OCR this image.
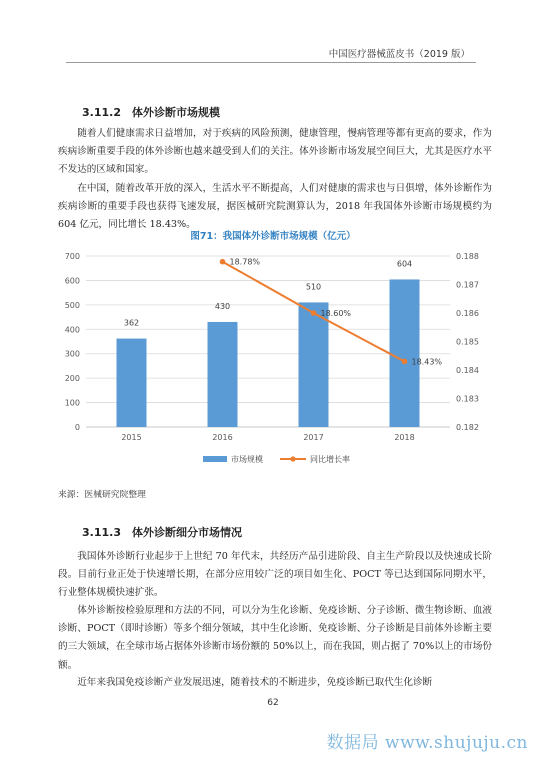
中国医疗器械蓝皮书（2019 版）
3.11.2　体外诊断市场规模

随着人们健康需求日益增加，对于疾病的风险预测，健康管理，慢病管理等都有更高的要求，作为疾病诊断重要手段的体外诊断也越来越受到人们的关注。体外诊断市场发展空间巨大，尤其是医疗水平不发达的区域和国家。

在中国，随着改革开放的深入，生活水平不断提高，人们对健康的需求也与日俱增，体外诊断作为疾病诊断的重要手段也获得飞速发展，据医械研究院测算认为，2018 年我国体外诊断市场规模约为 604 亿元，同比增长 18.43%。

图71：我国体外诊断市场规模（亿元）
0
100
200
300
400
500
600
700
0.182
0.183
0.184
0.185
0.186
0.187
0.188
362
430
510
604
2015	2016	2017	2018
18.78%
18.60%
18.43%
市场规模	同比增长率
来源：医械研究院整理
3.11.3　体外诊断细分市场情况

我国体外诊断行业起步于上世纪 70 年代末，共经历产品引进阶段、自主生产阶段以及快速成长阶段。目前行业正处于快速增长期，在部分应用较广泛的项目如生化、POCT 等已达到国际同期水平，行业整体规模快速扩张。

体外诊断按检验原理和方法的不同，可以分为生化诊断、免疫诊断、分子诊断、微生物诊断、血液诊断、POCT（即时诊断）等多个细分领域，其中生化诊断、免疫诊断、分子诊断是目前体外诊断主要的三大领域，在全球市场占据体外诊断市场份额的 50%以上，而在我国，则占据了 70%以上的市场份额。

近年来我国免疫诊断产业发展迅速，随着技术的不断进步，免疫诊断已取代生化诊断

62
数据局 www.shujuju.cn
